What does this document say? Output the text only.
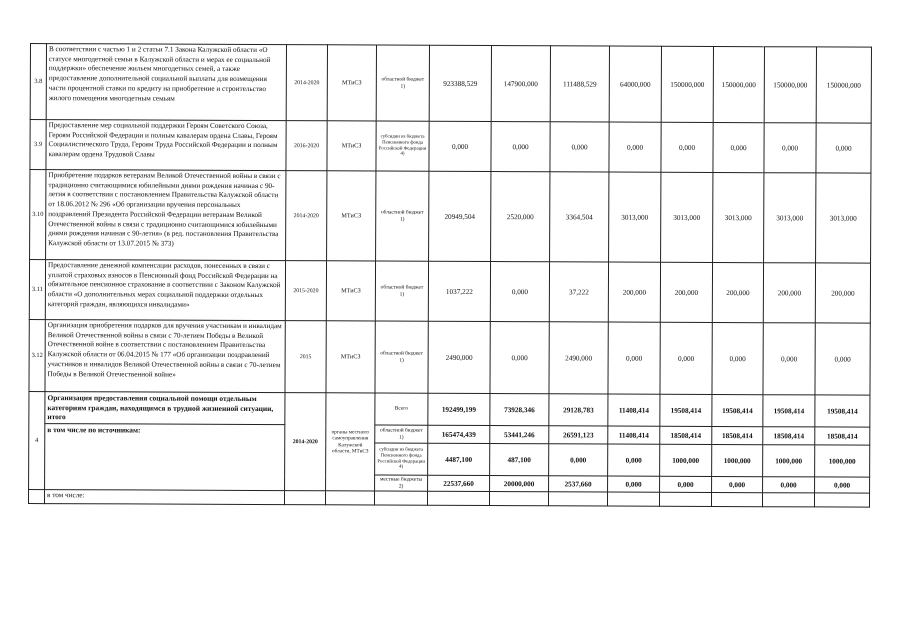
3.8	В соответствии с частью 1 и 2 статьи 7.1 Закона Калужской области «О статусе многодетной семьи в Калужской области и мерах ее социальной поддержки» обеспечение жильем многодетных семей, а также предоставление дополнительной социальной выплаты для возмещения части процентной ставки по кредиту на приобретение и строительство жилого помещения многодетным семьям	2014-2020	МТиСЗ	областной бюджет 1)	923388,529	147900,000	111488,529	64000,000	150000,000	150000,000	150000,000	150000,000
3.9	Предоставление мер социальной поддержки Героям Советского Союза, Героям Российской Федерации и полным кавалерам ордена Славы, Героям Социалистического Труда, Героям Труда Российской Федерации и полным кавалерам ордена Трудовой Славы	2016-2020	МТиСЗ	субсидии из бюджета Пенсионного фонда Российской Федерации 4)	0,000	0,000	0,000	0,000	0,000	0,000	0,000	0,000
3.10	Приобретение подарков ветеранам Великой Отечественной войны в связи с традиционно считающимися юбилейными днями рождения начиная с 90-летия в соответствии с постановлением Правительства Калужской области от 18.06.2012 № 296 «Об организации вручения персональных поздравлений Президента Российской Федерации ветеранам Великой Отечественной войны в связи с традиционно считающимися юбилейными днями рождения начиная с 90-летия» (в ред. постановления Правительства Калужской области от 13.07.2015 № 373)	2014-2020	МТиСЗ	областной бюджет 1)	20949,504	2520,000	3364,504	3013,000	3013,000	3013,000	3013,000	3013,000
3.11	Предоставление денежной компенсации расходов, понесенных в связи с уплатой страховых взносов в Пенсионный фонд Российской Федерации на обязательное пенсионное страхование в соответствии с Законом Калужской области «О дополнительных мерах социальной поддержки отдельных категорий граждан, являющихся инвалидами»	2015-2020	МТиСЗ	областной бюджет 1)	1037,222	0,000	37,222	200,000	200,000	200,000	200,000	200,000
3.12	Организация приобретения подарков для вручения участникам и инвалидам Великой Отечественной войны в связи с 70-летием Победы в Великой Отечественной войне в соответствии с постановлением Правительства Калужской области от 06.04.2015 № 177 «Об организации поздравлений участников и инвалидов Великой Отечественной войны в связи с 70-летием Победы в Великой Отечественной войне»	2015	МТиСЗ	областной бюджет 1)	2490,000	0,000	2490,000	0,000	0,000	0,000	0,000	0,000
4	Организация предоставления социальной помощи отдельным категориям граждан, находящимся в трудной жизненной ситуации, итого	2014-2020	органы местного самоуправления Калужской области, МТиСЗ	Всего	192499,199	73928,346	29128,783	11408,414	19508,414	19508,414	19508,414	19508,414
	в том числе по источникам:			областной бюджет 1)	165474,439	53441,246	26591,123	11408,414	18508,414	18508,414	18508,414	18508,414
				субсидии из бюджета Пенсионного фонда Российской Федерации 4)	4487,100	487,100	0,000	0,000	1000,000	1000,000	1000,000	1000,000
				местные бюджеты 2)	22537,660	20000,000	2537,660	0,000	0,000	0,000	0,000	0,000
	в том числе:											
